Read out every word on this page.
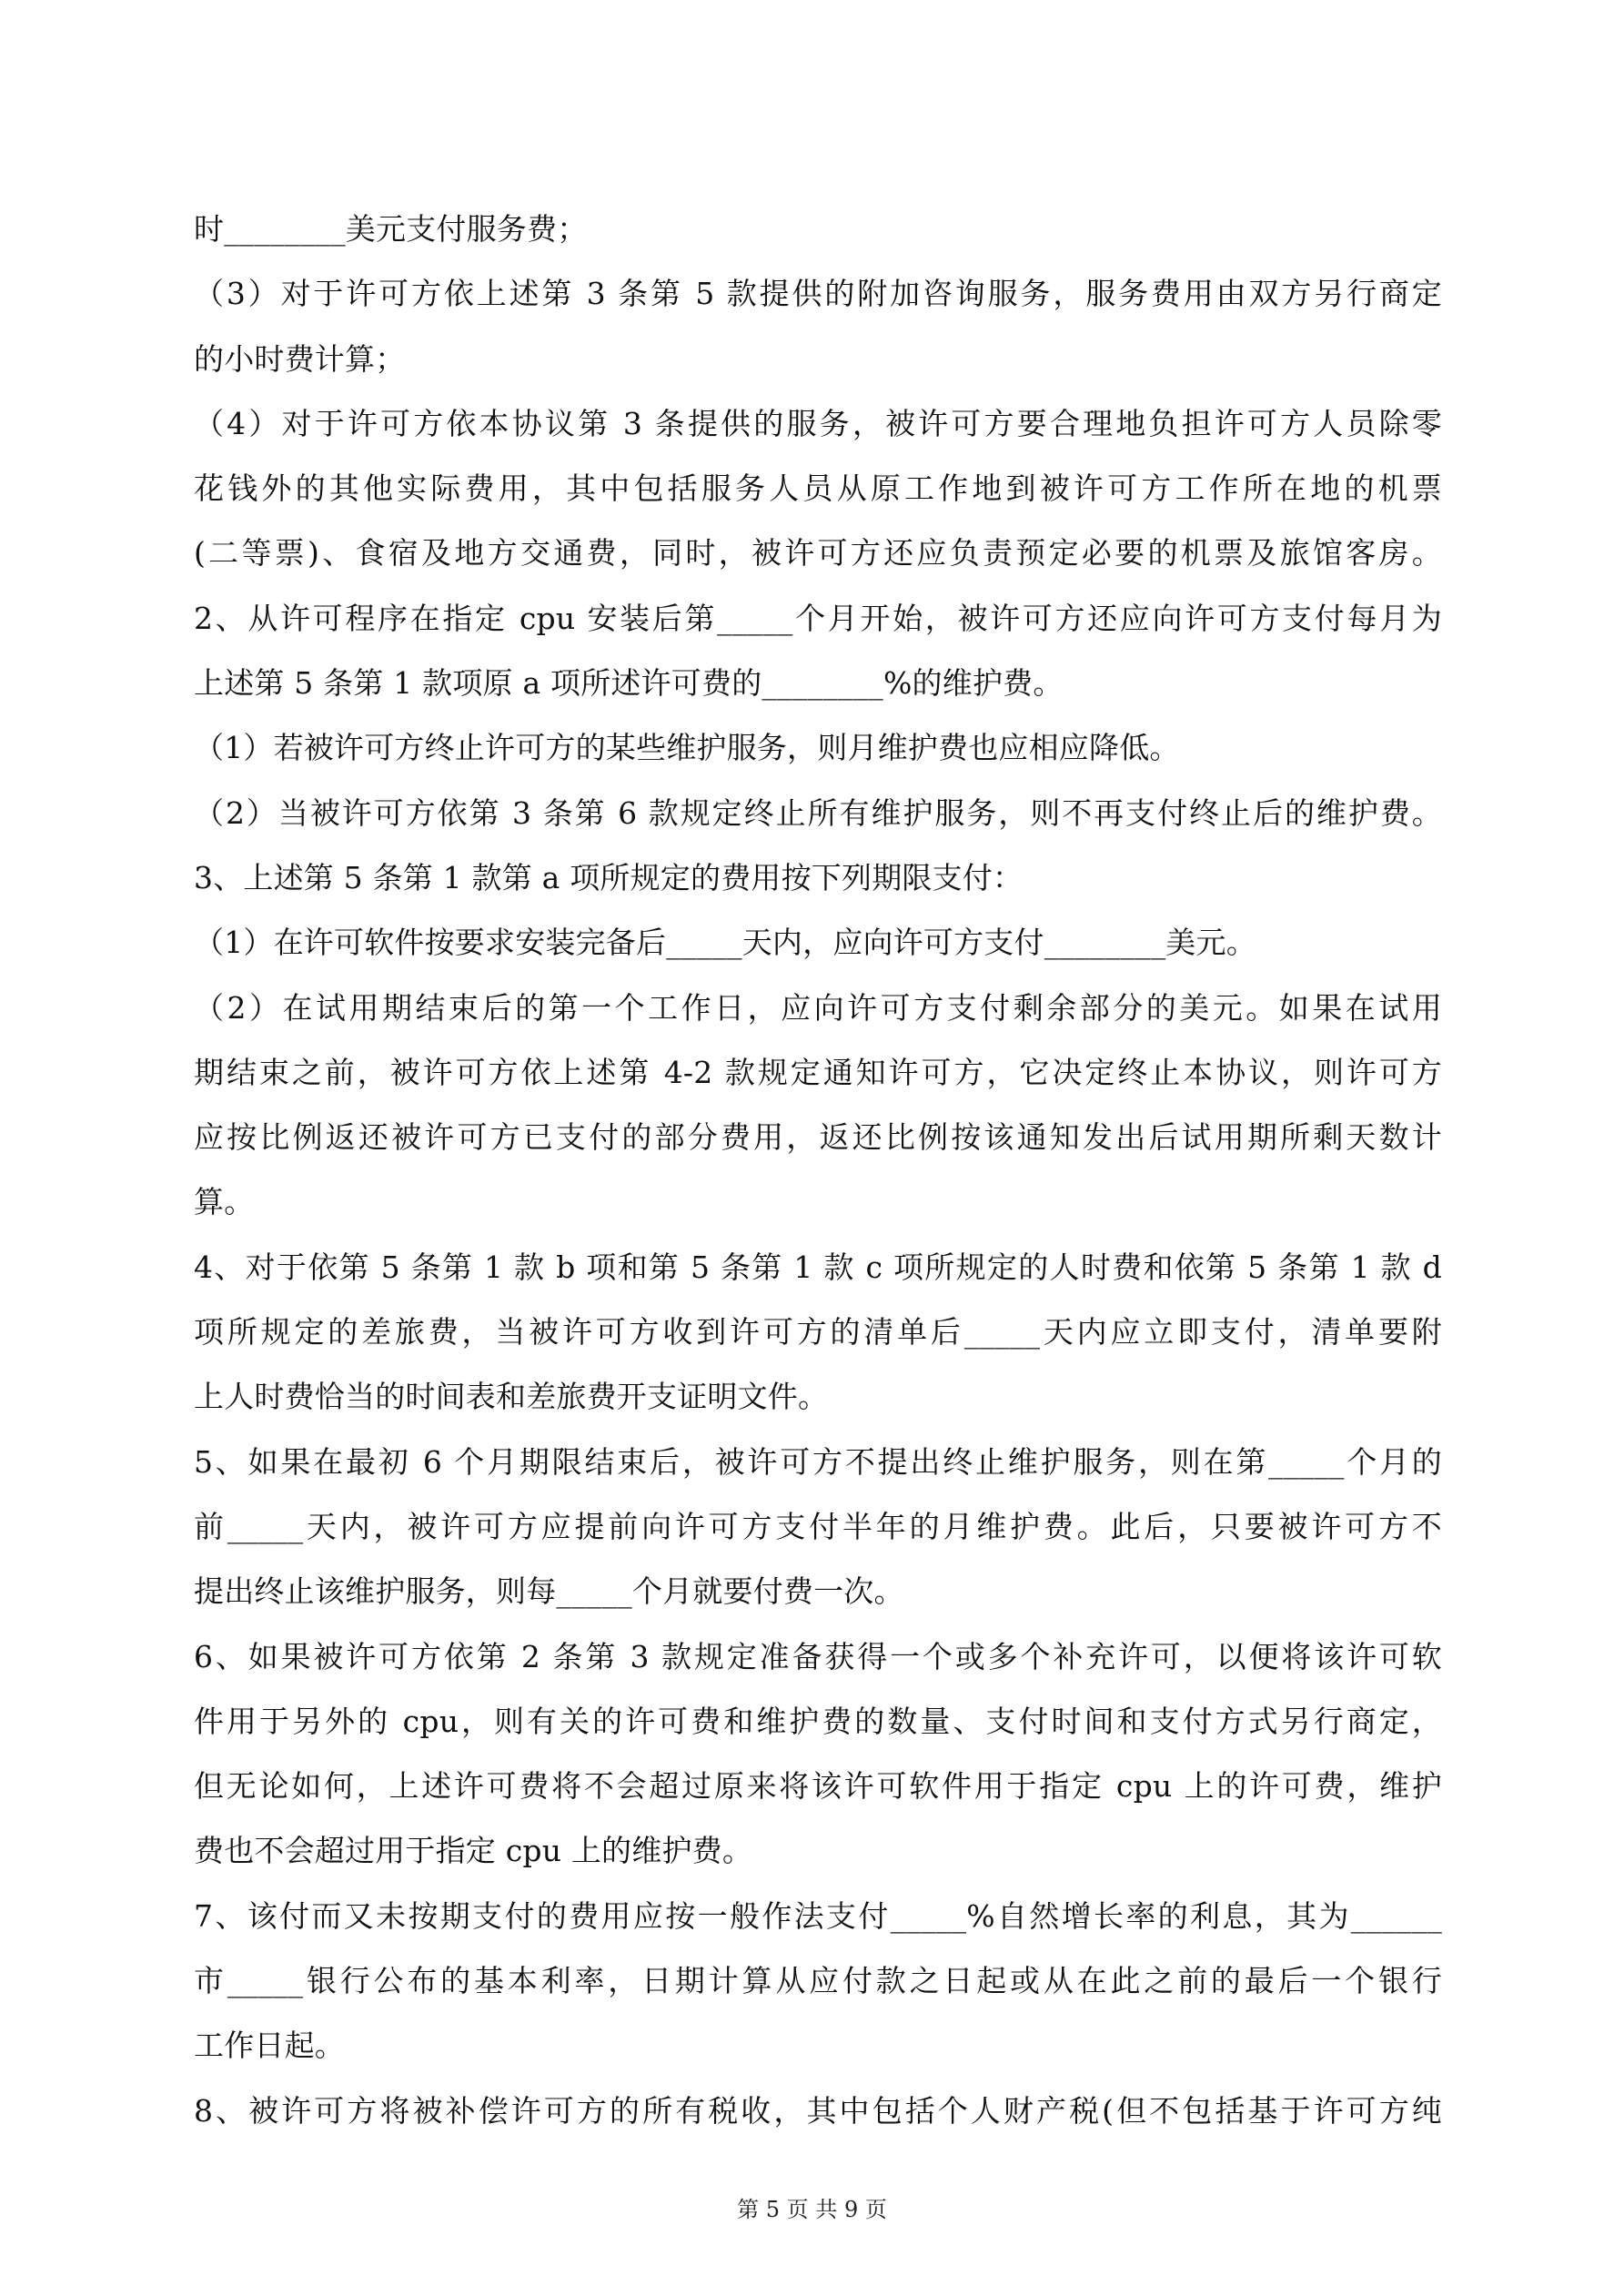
时________美元支付服务费；
（3）对于许可方依上述第 3 条第 5 款提供的附加咨询服务，服务费用由双方另行商定
的小时费计算；
（4）对于许可方依本协议第 3 条提供的服务，被许可方要合理地负担许可方人员除零
花钱外的其他实际费用，其中包括服务人员从原工作地到被许可方工作所在地的机票
(二等票)、食宿及地方交通费，同时，被许可方还应负责预定必要的机票及旅馆客房。
2、从许可程序在指定 cpu 安装后第_____个月开始，被许可方还应向许可方支付每月为
上述第 5 条第 1 款项原 a 项所述许可费的________%的维护费。
（1）若被许可方终止许可方的某些维护服务，则月维护费也应相应降低。
（2）当被许可方依第 3 条第 6 款规定终止所有维护服务，则不再支付终止后的维护费。
3、上述第 5 条第 1 款第 a 项所规定的费用按下列期限支付：
（1）在许可软件按要求安装完备后_____天内，应向许可方支付________美元。
（2）在试用期结束后的第一个工作日，应向许可方支付剩余部分的美元。如果在试用
期结束之前，被许可方依上述第 4-2 款规定通知许可方，它决定终止本协议，则许可方
应按比例返还被许可方已支付的部分费用，返还比例按该通知发出后试用期所剩天数计
算。
4、对于依第 5 条第 1 款 b 项和第 5 条第 1 款 c 项所规定的人时费和依第 5 条第 1 款 d
项所规定的差旅费，当被许可方收到许可方的清单后_____天内应立即支付，清单要附
上人时费恰当的时间表和差旅费开支证明文件。
5、如果在最初 6 个月期限结束后，被许可方不提出终止维护服务，则在第_____个月的
前_____天内，被许可方应提前向许可方支付半年的月维护费。此后，只要被许可方不
提出终止该维护服务，则每_____个月就要付费一次。
6、如果被许可方依第 2 条第 3 款规定准备获得一个或多个补充许可，以便将该许可软
件用于另外的 cpu，则有关的许可费和维护费的数量、支付时间和支付方式另行商定，
但无论如何，上述许可费将不会超过原来将该许可软件用于指定 cpu 上的许可费，维护
费也不会超过用于指定 cpu 上的维护费。
7、该付而又未按期支付的费用应按一般作法支付_____%自然增长率的利息，其为______
市_____银行公布的基本利率，日期计算从应付款之日起或从在此之前的最后一个银行
工作日起。
8、被许可方将被补偿许可方的所有税收，其中包括个人财产税(但不包括基于许可方纯
第 5 页 共 9 页
